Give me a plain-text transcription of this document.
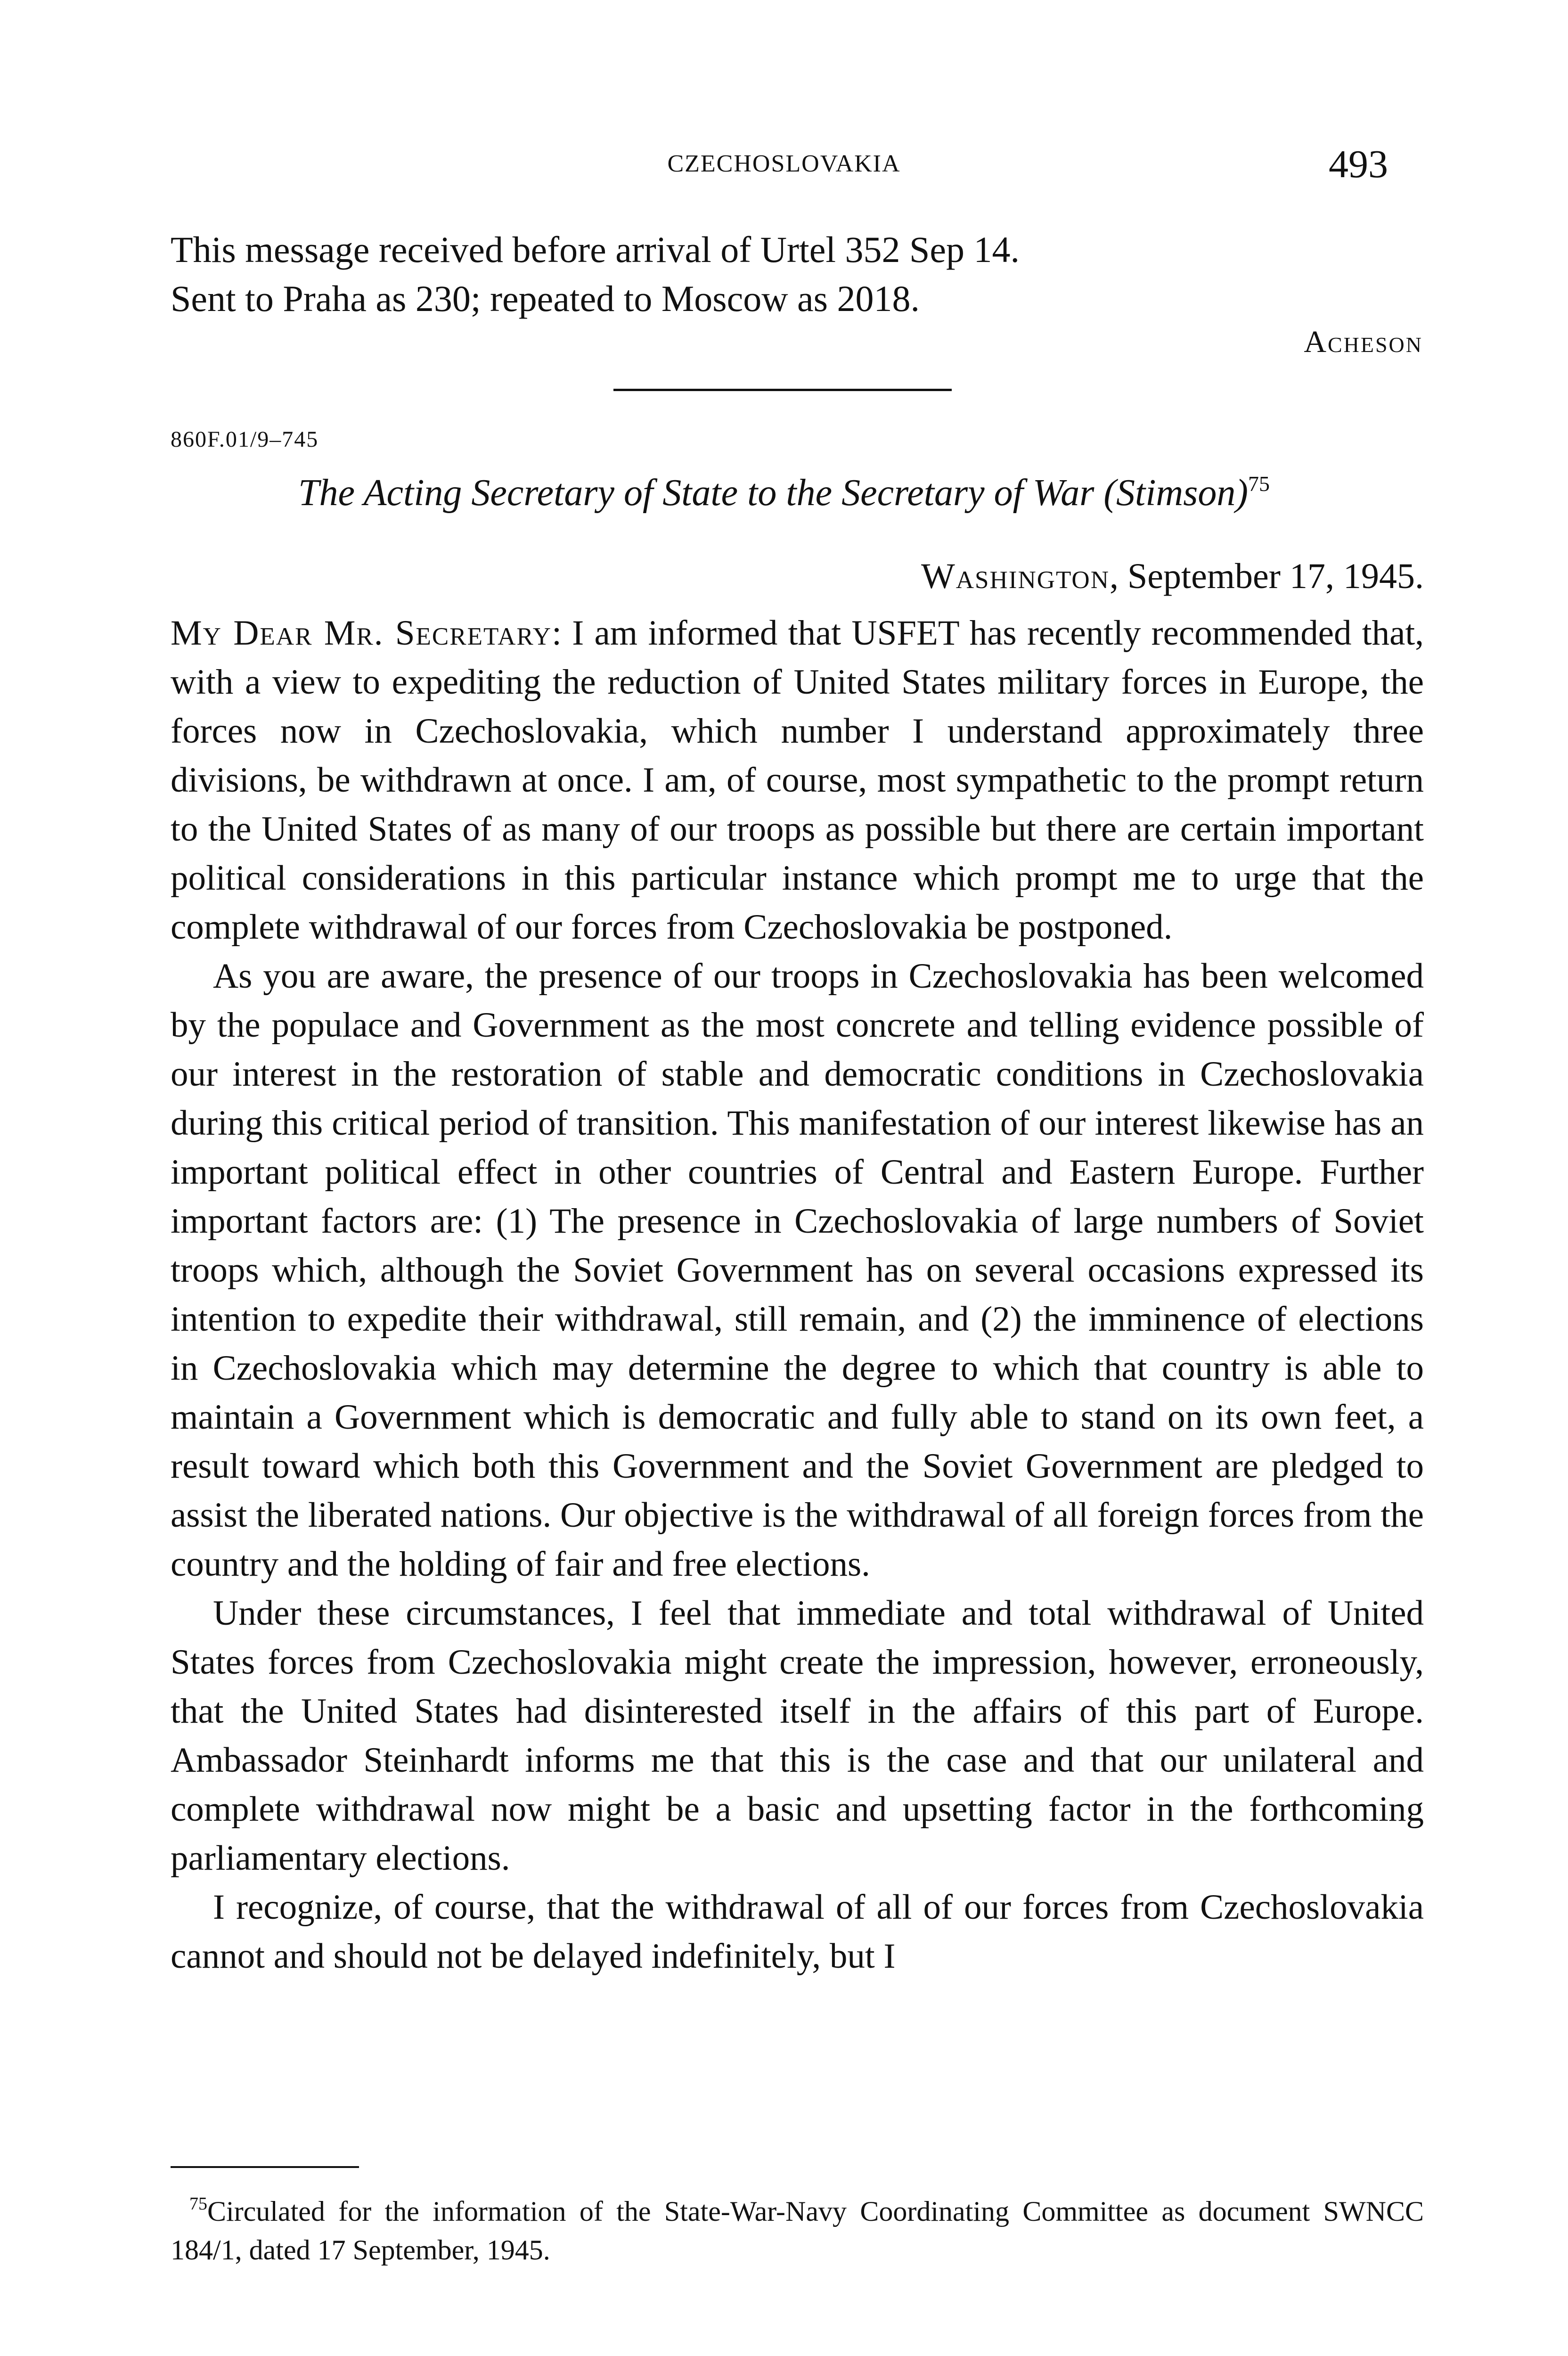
CZECHOSLOVAKIA	493

This message received before arrival of Urtel 352 Sep 14.

Sent to Praha as 230; repeated to Moscow as 2018.

Acheson
860F.01/9–745
The Acting Secretary of State to the Secretary of War (Stimson)$^{75}$
Washington, September 17, 1945.

My Dear Mr. Secretary: I am informed that USFET has recently recommended that, with a view to expediting the reduction of United States military forces in Europe, the forces now in Czechoslovakia, which number I understand approximately three divisions, be withdrawn at once. I am, of course, most sympathetic to the prompt return to the United States of as many of our troops as possible but there are certain important political considerations in this particular instance which prompt me to urge that the complete withdrawal of our forces from Czechoslovakia be postponed.

As you are aware, the presence of our troops in Czechoslovakia has been welcomed by the populace and Government as the most concrete and telling evidence possible of our interest in the restoration of stable and democratic conditions in Czechoslovakia during this critical period of transition. This manifestation of our interest likewise has an important political effect in other countries of Central and Eastern Europe. Further important factors are: (1) The presence in Czechoslovakia of large numbers of Soviet troops which, although the Soviet Government has on several occasions expressed its intention to expedite their withdrawal, still remain, and (2) the imminence of elections in Czechoslovakia which may determine the degree to which that country is able to maintain a Government which is democratic and fully able to stand on its own feet, a result toward which both this Government and the Soviet Government are pledged to assist the liberated nations. Our objective is the withdrawal of all foreign forces from the country and the holding of fair and free elections.

Under these circumstances, I feel that immediate and total withdrawal of United States forces from Czechoslovakia might create the impression, however, erroneously, that the United States had disinterested itself in the affairs of this part of Europe. Ambassador Steinhardt informs me that this is the case and that our unilateral and complete withdrawal now might be a basic and upsetting factor in the forthcoming parliamentary elections.

I recognize, of course, that the withdrawal of all of our forces from Czechoslovakia cannot and should not be delayed indefinitely, but I

$^{75}$Circulated for the information of the State-War-Navy Coordinating Committee as document SWNCC 184/1, dated 17 September, 1945.
